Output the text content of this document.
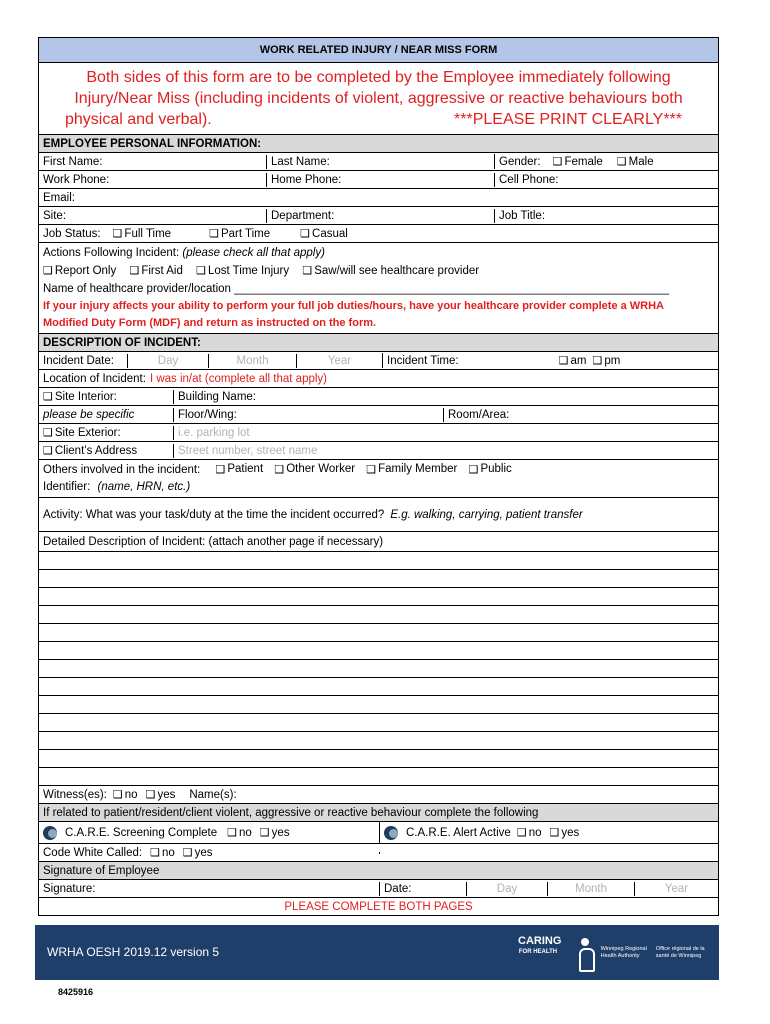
WORK RELATED INJURY / NEAR MISS FORM
Both sides of this form are to be completed by the Employee immediately following
Injury/Near Miss (including incidents of violent, aggressive or reactive behaviours both
physical and verbal).	***PLEASE PRINT CLEARLY***
EMPLOYEE PERSONAL INFORMATION:
First Name:	Last Name:	Gender: ❑ Female ❑ Male
Work Phone:	Home Phone:	Cell Phone:
Email:
Site:	Department:	Job Title:
Job Status: ❑ Full Time	❑ Part Time	❑ Casual
Actions Following Incident: (please check all that apply)
❑ Report Only
❑ First Aid
❑ Lost Time Injury
❑ Saw/will see healthcare provider
Name of healthcare provider/location ____________________________________________________________________
If your injury affects your ability to perform your full job duties/hours, have your healthcare provider complete a WRHA
Modified Duty Form (MDF) and return as instructed on the form.
DESCRIPTION OF INCIDENT:
Incident Date:	Day	Month	Year	Incident Time:	❑ am ❑ pm
Location of Incident: I was in/at (complete all that apply)
❑ Site Interior:	Building Name:
please be specific	Floor/Wing:	Room/Area:
❑ Site Exterior:	i.e. parking lot
❑ Client’s Address	Street number, street name
Others involved in the incident: ❑ Patient
❑ Other Worker
❑ Family Member
❑ Public
Identifier: (name, HRN, etc.)
Activity: What was your task/duty at the time the incident occurred? E.g. walking, carrying, patient transfer
Detailed Description of Incident: (attach another page if necessary)
Witness(es): ❑ no ❑ yes Name(s):
If related to patient/resident/client violent, aggressive or reactive behaviour complete the following
C.A.R.E. Screening Complete ❑ no ❑ yes	C.A.R.E. Alert Active ❑ no ❑ yes
Code White Called: ❑ no ❑ yes
Signature of Employee
Signature:	Date:	Day	Month	Year
PLEASE COMPLETE BOTH PAGES
WRHA OESH 2019.12 version 5
CARING
FOR HEALTH	Winnipeg Regional Health Authority
Office régional de la santé de Winnipeg
8425916
